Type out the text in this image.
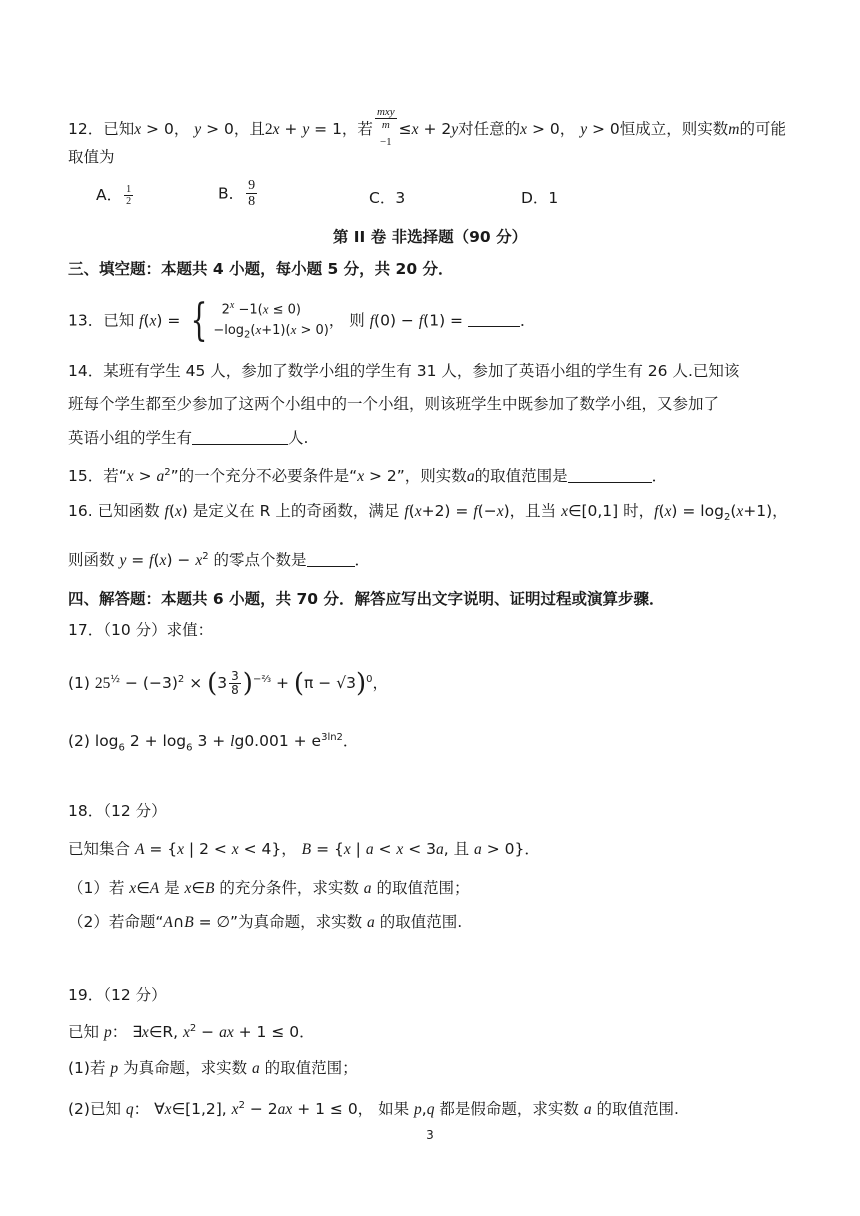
12．已知x > 0， y > 0，且2x + y = 1，若
mxy
m
−1≤x + 2y对任意的x > 0， y > 0恒成立，则实数m的可能
取值为
A． $\frac{1}{2}$	B． $\frac{9}{8}$	C．3	D．1
第 II 卷 非选择题（90 分）
三、填空题：本题共 4 小题，每小题 5 分，共 20 分．
13．已知 f(x) = { $2^x -1(x \le 0)$
$-\log_2(x+1)(x > 0)$
， 则 f(0) − f(1) =	．
14．某班有学生 45 人，参加了数学小组的学生有 31 人，参加了英语小组的学生有 26 人.已知该
班每个学生都至少参加了这两个小组中的一个小组，则该班学生中既参加了数学小组，又参加了
英语小组的学生有	人.
15．若“$x > a^2$”的一个充分不必要条件是“x > 2”，则实数a的取值范围是	．
16. 已知函数 f(x) 是定义在 R 上的奇函数，满足 f(x+2) = f(−x)，且当 x∈[0,1] 时，$f(x) = \log_2(x+1)$，
则函数 $y = f(x) - x^2$ 的零点个数是	．
四、解答题：本题共 6 小题，共 70 分．解答应写出文字说明、证明过程或演算步骤．
17．（10 分）求值：
(1) $25^{\frac{1}{2}} - (-3)^2 \times (3 \frac{3}{8} )^{-\frac{2}{3}} + (\pi - √3)^0$，
(2) $\log_6 2 + \log_6 3 + \lg 0.001 + e^{3ln2}$．
18．（12 分）
已知集合 A = {x | 2 < x < 4}， B = {x | a < x < 3a, 且 a > 0}．
（1）若 x∈A 是 x∈B 的充分条件，求实数 a 的取值范围；
（2）若命题“A∩B = ∅”为真命题，求实数 a 的取值范围.
19．（12 分）
已知 p： ∃x∈R, $x^2$ − ax + 1 ≤ 0．
(1)若 p 为真命题，求实数 a 的取值范围；
(2)已知 q： ∀x∈[1,2], $x^2 - 2ax + 1 \le 0$， 如果 p,q 都是假命题，求实数 a 的取值范围.
3
